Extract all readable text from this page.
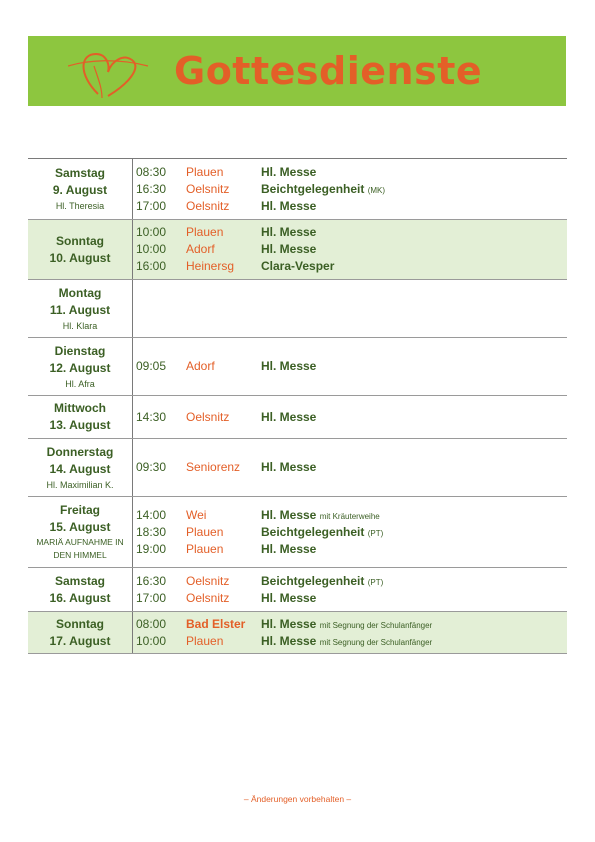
Gottesdienste
Samstag
9. August
Hl. Theresia
08:30	Plauen	Hl. Messe
16:30	Oelsnitz	Beichtgelegenheit (MK)
17:00	Oelsnitz	Hl. Messe
Sonntag
10. August
10:00	Plauen	Hl. Messe
10:00	Adorf	Hl. Messe
16:00	Heinersg	Clara-Vesper
Montag
11. August
Hl. Klara
Dienstag
12. August
Hl. Afra
09:05	Adorf	Hl. Messe
Mittwoch
13. August
14:30	Oelsnitz	Hl. Messe
Donnerstag
14. August
Hl. Maximilian K.
09:30	Seniorenz	Hl. Messe
Freitag
15. August
MARIÄ AUFNAHME IN DEN HIMMEL
14:00	Wei	Hl. Messe mit Kräuterweihe
18:30	Plauen	Beichtgelegenheit (PT)
19:00	Plauen	Hl. Messe
Samstag
16. August
16:30	Oelsnitz	Beichtgelegenheit (PT)
17:00	Oelsnitz	Hl. Messe
Sonntag
17. August
08:00	Bad Elster	Hl. Messe mit Segnung der Schulanfänger
10:00	Plauen	Hl. Messe mit Segnung der Schulanfänger
– Änderungen vorbehalten –
